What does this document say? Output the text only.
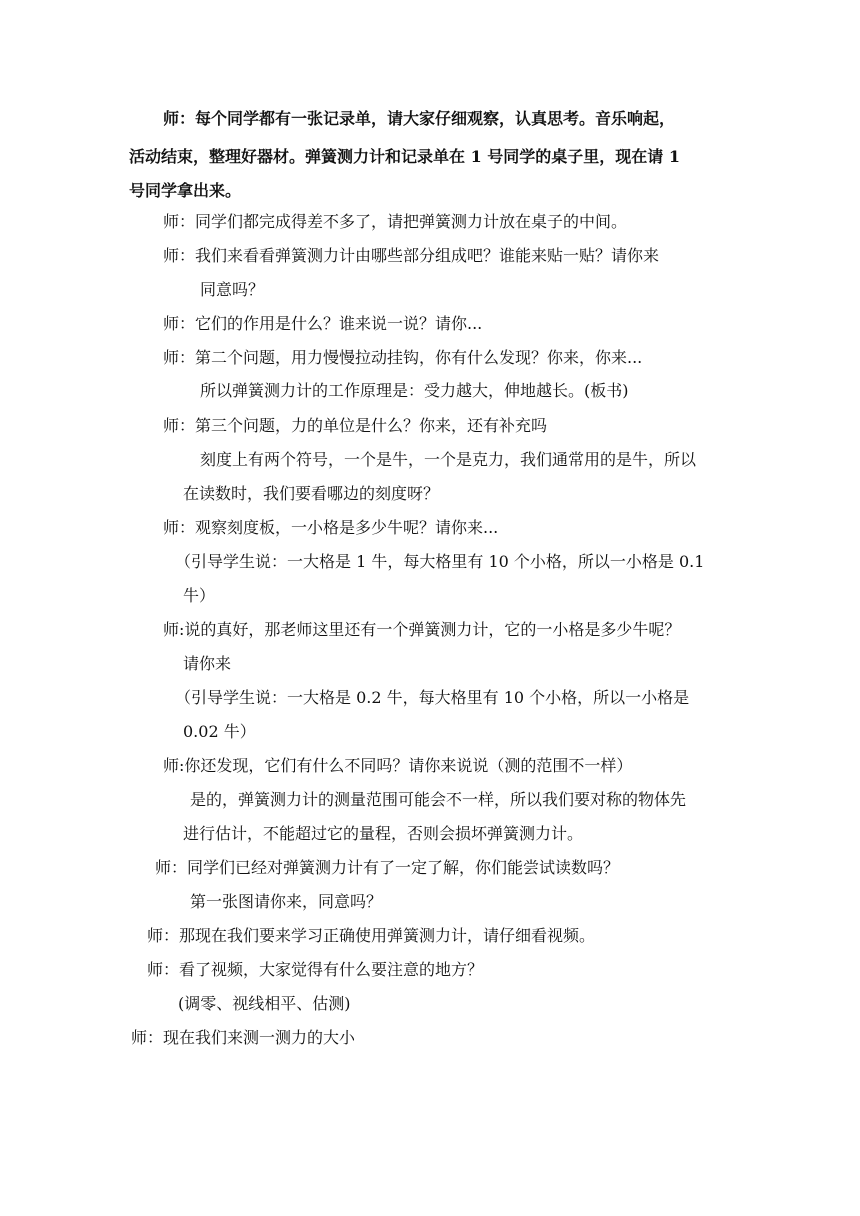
师：每个同学都有一张记录单，请大家仔细观察，认真思考。音乐响起，

活动结束，整理好器材。弹簧测力计和记录单在 1 号同学的桌子里，现在请 1

号同学拿出来。

师：同学们都完成得差不多了，请把弹簧测力计放在桌子的中间。

师：我们来看看弹簧测力计由哪些部分组成吧？谁能来贴一贴？请你来

同意吗？

师：它们的作用是什么？谁来说一说？请你...

师：第二个问题，用力慢慢拉动挂钩，你有什么发现？你来，你来...

所以弹簧测力计的工作原理是：受力越大，伸地越长。(板书)

师：第三个问题，力的单位是什么？你来，还有补充吗

刻度上有两个符号，一个是牛，一个是克力，我们通常用的是牛，所以

在读数时，我们要看哪边的刻度呀？

师：观察刻度板，一小格是多少牛呢？请你来...

（引导学生说：一大格是 1 牛，每大格里有 10 个小格，所以一小格是 0.1

牛）

师:说的真好，那老师这里还有一个弹簧测力计，它的一小格是多少牛呢？

请你来

（引导学生说：一大格是 0.2 牛，每大格里有 10 个小格，所以一小格是

0.02 牛）

师:你还发现，它们有什么不同吗？请你来说说（测的范围不一样）

是的，弹簧测力计的测量范围可能会不一样，所以我们要对称的物体先

进行估计，不能超过它的量程，否则会损坏弹簧测力计。

师：同学们已经对弹簧测力计有了一定了解，你们能尝试读数吗？

第一张图请你来，同意吗？

师：那现在我们要来学习正确使用弹簧测力计，请仔细看视频。

师：看了视频，大家觉得有什么要注意的地方？

(调零、视线相平、估测)

师：现在我们来测一测力的大小
